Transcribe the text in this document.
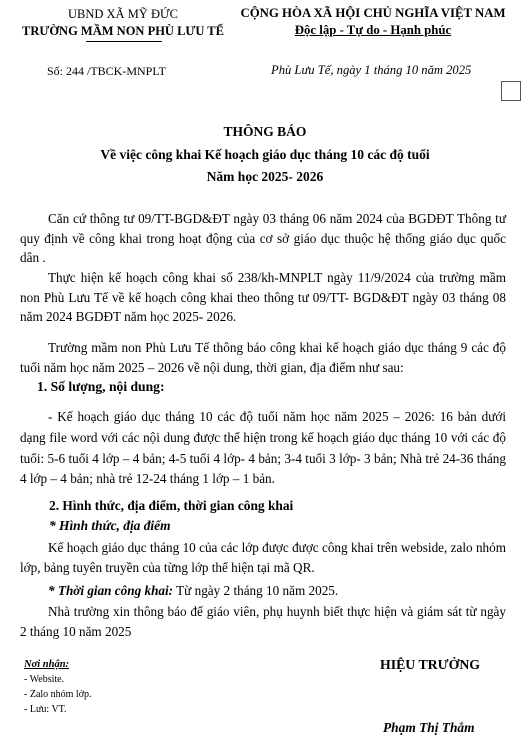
UBND XÃ MỸ ĐỨC
TRƯỜNG MẦM NON PHÙ LƯU TẾ
CỘNG HÒA XÃ HỘI CHỦ NGHĨA VIỆT NAM
Độc lập - Tự do - Hạnh phúc
Số: 244 /TBCK-MNPLT	Phù Lưu Tế, ngày 1 tháng 10 năm 2025
THÔNG BÁO
Về việc công khai Kế hoạch giáo dục tháng 10 các độ tuổi
Năm học 2025- 2026
Căn cứ thông tư 09/TT-BGD&ĐT ngày 03 tháng 06 năm 2024 của BGDĐT Thông tư quy định về công khai trong hoạt động của cơ sở giáo dục thuộc hệ thống giáo dục quốc dân .
Thực hiện kế hoạch công khai số 238/kh-MNPLT ngày 11/9/2024 của trường mầm non Phù Lưu Tế về kế hoạch công khai theo thông tư 09/TT- BGD&ĐT ngày 03 tháng 08 năm 2024 BGDĐT năm học 2025- 2026.
Trường mầm non Phù Lưu Tế thông báo công khai kế hoạch giáo dục tháng 9 các độ tuổi năm học năm 2025 – 2026 về nội dung, thời gian, địa điểm như sau:
1. Số lượng, nội dung:
- Kế hoạch giáo dục tháng 10 các độ tuổi năm học năm 2025 – 2026: 16 bản dưới dạng file word với các nội dung được thể hiện trong kế hoạch giáo dục tháng 10 với các độ tuổi: 5-6 tuổi 4 lớp – 4 bản; 4-5 tuổi 4 lớp- 4 bản; 3-4 tuổi 3 lớp- 3 bản; Nhà trẻ 24-36 tháng 4 lớp – 4 bản; nhà trẻ 12-24 tháng 1 lớp – 1 bản.
2. Hình thức, địa điểm, thời gian công khai
* Hình thức, địa điểm
Kế hoạch giáo dục tháng 10 của các lớp được được công khai trên webside, zalo nhóm lớp, bảng tuyên truyền của từng lớp thể hiện tại mã QR.
* Thời gian công khai: Từ ngày 2 tháng 10 năm 2025.
Nhà trường xin thông báo để giáo viên, phụ huynh biết thực hiện và giám sát từ ngày 2 tháng 10 năm 2025
Nơi nhận:
- Website.
- Zalo nhóm lớp.
- Lưu: VT.
HIỆU TRƯỞNG
Phạm Thị Thắm
